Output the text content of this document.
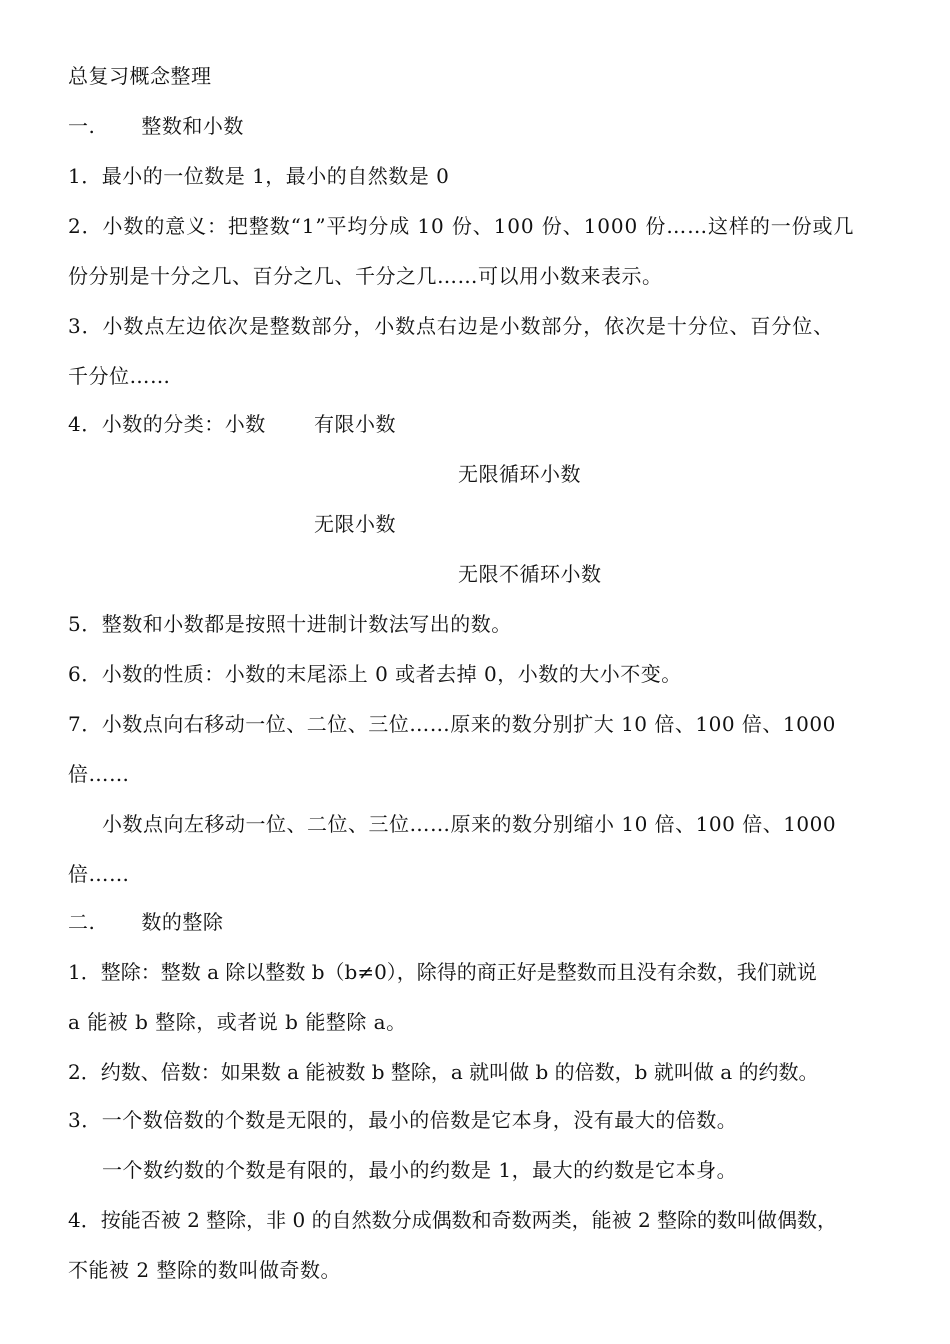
总复习概念整理
一. 整数和小数
1．最小的一位数是 1，最小的自然数是 0
2．小数的意义：把整数“1”平均分成 10 份、100 份、1000 份……这样的一份或几
份分别是十分之几、百分之几、千分之几……可以用小数来表示。
3．小数点左边依次是整数部分，小数点右边是小数部分，依次是十分位、百分位、
千分位……
4．小数的分类：小数 有限小数
无限循环小数
无限小数
无限不循环小数
5．整数和小数都是按照十进制计数法写出的数。
6．小数的性质：小数的末尾添上 0 或者去掉 0，小数的大小不变。
7．小数点向右移动一位、二位、三位……原来的数分别扩大 10 倍、100 倍、1000
倍……
小数点向左移动一位、二位、三位……原来的数分别缩小 10 倍、100 倍、1000
倍……
二. 数的整除
1．整除：整数 a 除以整数 b（b≠0），除得的商正好是整数而且没有余数，我们就说
a 能被 b 整除，或者说 b 能整除 a。
2．约数、倍数：如果数 a 能被数 b 整除，a 就叫做 b 的倍数，b 就叫做 a 的约数。
3．一个数倍数的个数是无限的，最小的倍数是它本身，没有最大的倍数。
一个数约数的个数是有限的，最小的约数是 1，最大的约数是它本身。
4．按能否被 2 整除，非 0 的自然数分成偶数和奇数两类，能被 2 整除的数叫做偶数，
不能被 2 整除的数叫做奇数。
